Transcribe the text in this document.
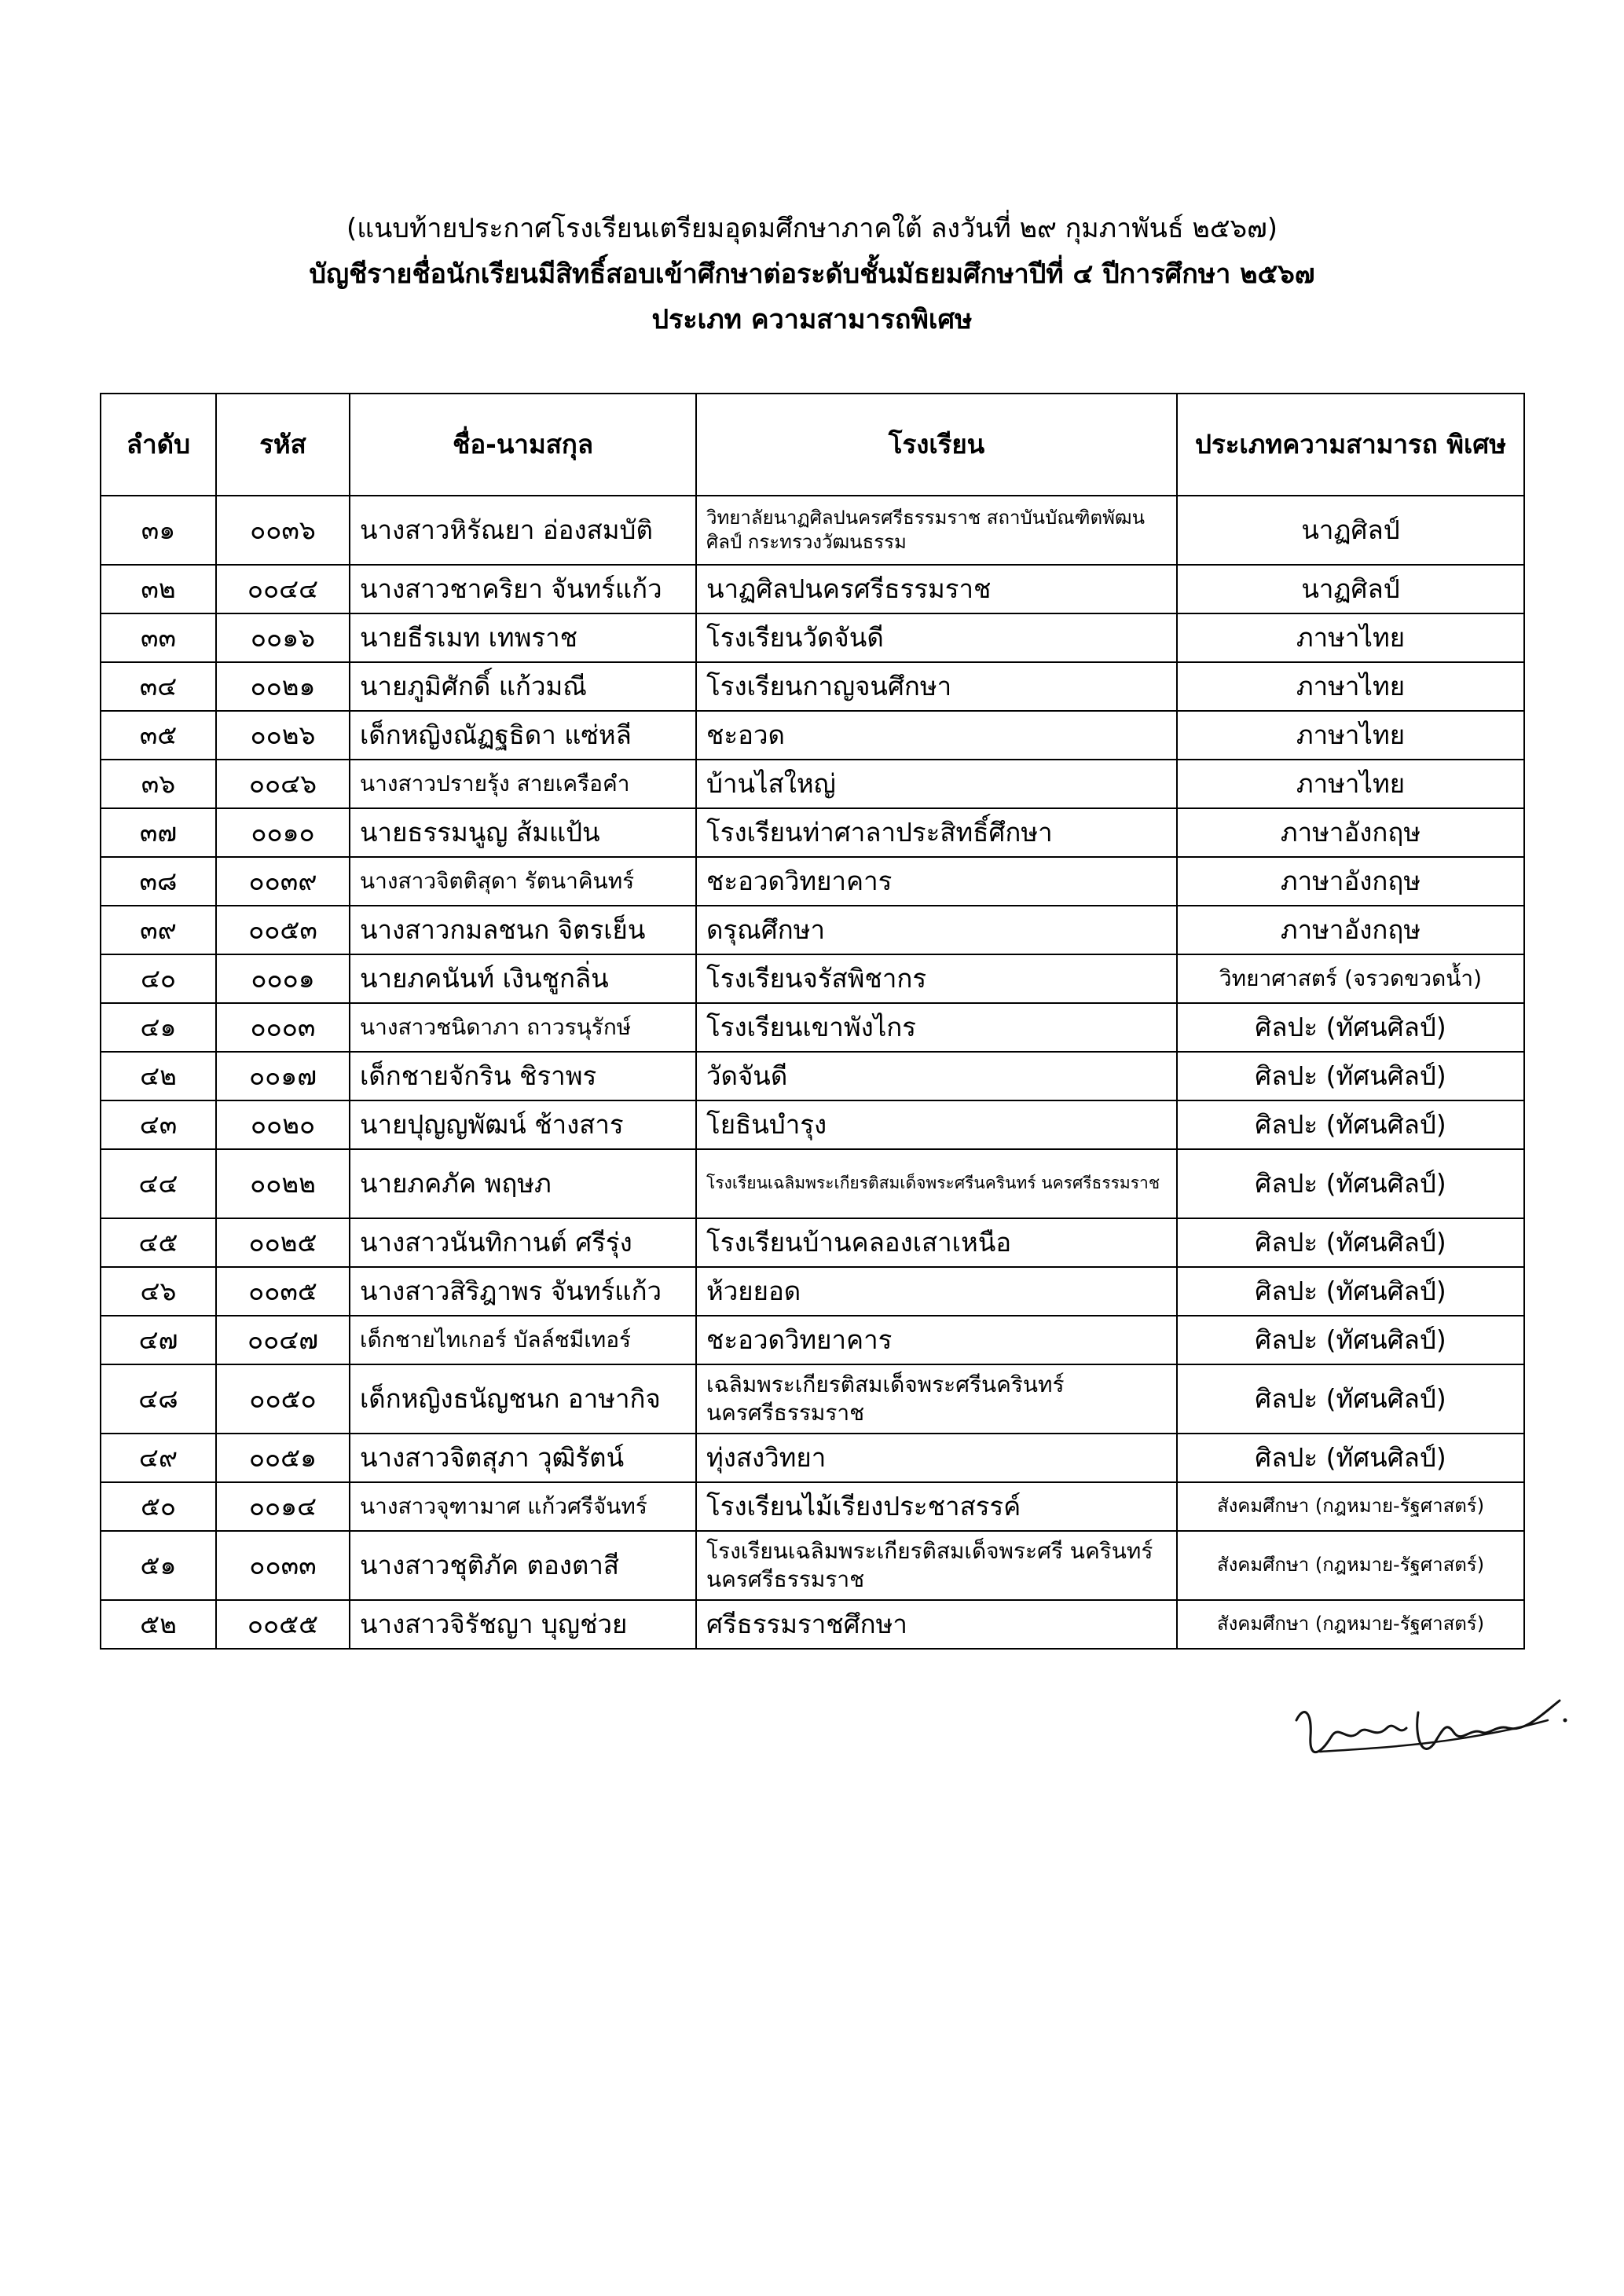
(แนบท้ายประกาศโรงเรียนเตรียมอุดมศึกษาภาคใต้ ลงวันที่ ๒๙ กุมภาพันธ์ ๒๕๖๗)
บัญชีรายชื่อนักเรียนมีสิทธิ์สอบเข้าศึกษาต่อระดับชั้นมัธยมศึกษาปีที่ ๔ ปีการศึกษา ๒๕๖๗
ประเภท ความสามารถพิเศษ
ลำดับ	รหัส	ชื่อ-นามสกุล	โรงเรียน	ประเภทความสามารถ พิเศษ
๓๑	๐๐๓๖	นางสาวหิรัณยา อ่องสมบัติ	วิทยาลัยนาฏศิลปนครศรีธรรมราช สถาบันบัณฑิตพัฒน ศิลป์ กระทรวงวัฒนธรรม	นาฏศิลป์
๓๒	๐๐๔๔	นางสาวชาคริยา จันทร์แก้ว	นาฏศิลปนครศรีธรรมราช	นาฏศิลป์
๓๓	๐๐๑๖	นายธีรเมท เทพราช	โรงเรียนวัดจันดี	ภาษาไทย
๓๔	๐๐๒๑	นายภูมิศักดิ์ แก้วมณี	โรงเรียนกาญจนศึกษา	ภาษาไทย
๓๕	๐๐๒๖	เด็กหญิงณัฏฐธิดา แซ่หลี	ชะอวด	ภาษาไทย
๓๖	๐๐๔๖	นางสาวปรายรุ้ง สายเครือคำ	บ้านไสใหญ่	ภาษาไทย
๓๗	๐๐๑๐	นายธรรมนูญ ส้มแป้น	โรงเรียนท่าศาลาประสิทธิ์ศึกษา	ภาษาอังกฤษ
๓๘	๐๐๓๙	นางสาวจิตติสุดา รัตนาคินทร์	ชะอวดวิทยาคาร	ภาษาอังกฤษ
๓๙	๐๐๕๓	นางสาวกมลชนก จิตรเย็น	ดรุณศึกษา	ภาษาอังกฤษ
๔๐	๐๐๐๑	นายภคนันท์ เงินชูกลิ่น	โรงเรียนจรัสพิชากร	วิทยาศาสตร์ (จรวดขวดน้ำ)
๔๑	๐๐๐๓	นางสาวชนิดาภา ถาวรนุรักษ์	โรงเรียนเขาพังไกร	ศิลปะ (ทัศนศิลป์)
๔๒	๐๐๑๗	เด็กชายจักริน ชิราพร	วัดจันดี	ศิลปะ (ทัศนศิลป์)
๔๓	๐๐๒๐	นายปุญญพัฒน์ ช้างสาร	โยธินบำรุง	ศิลปะ (ทัศนศิลป์)
๔๔	๐๐๒๒	นายภคภัค พฤษภ	โรงเรียนเฉลิมพระเกียรติสมเด็จพระศรีนครินทร์ นครศรีธรรมราช	ศิลปะ (ทัศนศิลป์)
๔๕	๐๐๒๕	นางสาวนันทิกานต์ ศรีรุ่ง	โรงเรียนบ้านคลองเสาเหนือ	ศิลปะ (ทัศนศิลป์)
๔๖	๐๐๓๕	นางสาวสิริฎาพร จันทร์แก้ว	ห้วยยอด	ศิลปะ (ทัศนศิลป์)
๔๗	๐๐๔๗	เด็กชายไทเกอร์ บัลล์ชมีเทอร์	ชะอวดวิทยาคาร	ศิลปะ (ทัศนศิลป์)
๔๘	๐๐๕๐	เด็กหญิงธนัญชนก อาษากิจ	เฉลิมพระเกียรติสมเด็จพระศรีนครินทร์ นครศรีธรรมราช	ศิลปะ (ทัศนศิลป์)
๔๙	๐๐๕๑	นางสาวจิตสุภา วุฒิรัตน์	ทุ่งสงวิทยา	ศิลปะ (ทัศนศิลป์)
๕๐	๐๐๑๔	นางสาวจุฑามาศ แก้วศรีจันทร์	โรงเรียนไม้เรียงประชาสรรค์	สังคมศึกษา (กฎหมาย-รัฐศาสตร์)
๕๑	๐๐๓๓	นางสาวชุติภัค ตองตาสี	โรงเรียนเฉลิมพระเกียรติสมเด็จพระศรี นครินทร์นครศรีธรรมราช	สังคมศึกษา (กฎหมาย-รัฐศาสตร์)
๕๒	๐๐๕๕	นางสาวจิรัชญา บุญช่วย	ศรีธรรมราชศึกษา	สังคมศึกษา (กฎหมาย-รัฐศาสตร์)
